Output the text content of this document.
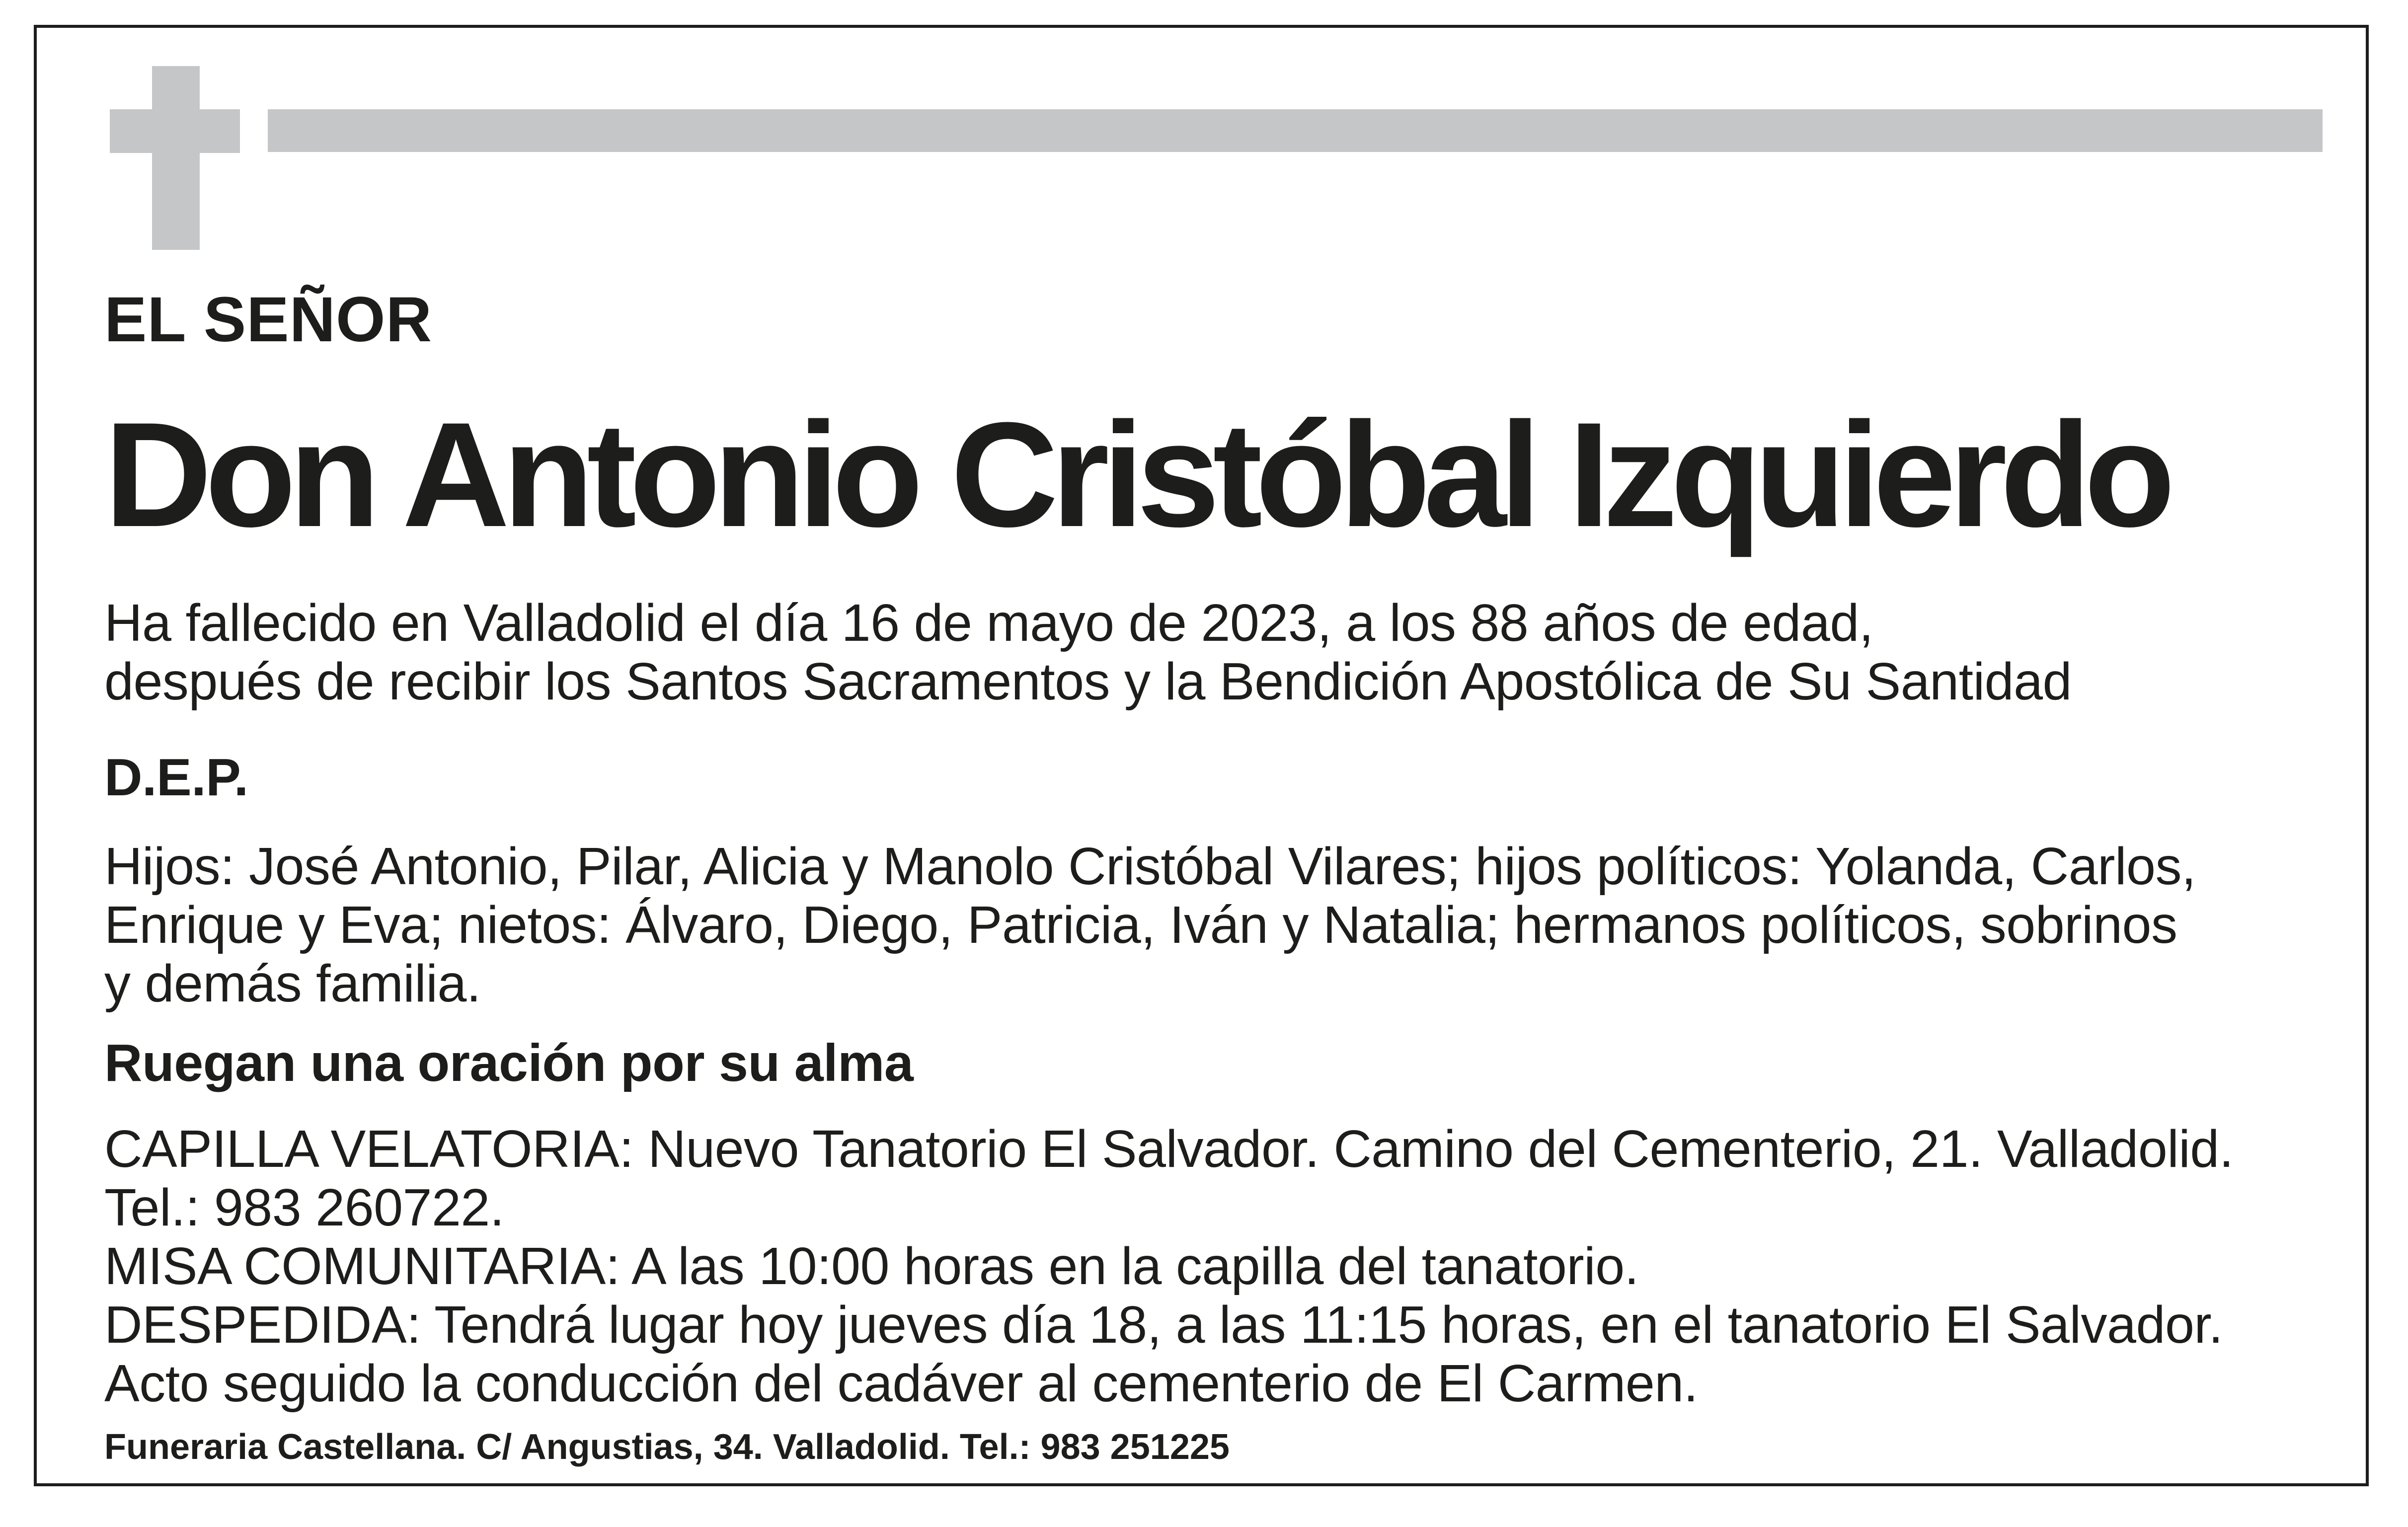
EL SEÑOR
Don Antonio Cristóbal Izquierdo
Ha fallecido en Valladolid el día 16 de mayo de 2023, a los 88 años de edad,
después de recibir los Santos Sacramentos y la Bendición Apostólica de Su Santidad
D.E.P.
Hijos: José Antonio, Pilar, Alicia y Manolo Cristóbal Vilares; hijos políticos: Yolanda, Carlos,
Enrique y Eva; nietos: Álvaro, Diego, Patricia, Iván y Natalia; hermanos políticos, sobrinos
y demás familia.
Ruegan una oración por su alma
CAPILLA VELATORIA: Nuevo Tanatorio El Salvador. Camino del Cementerio, 21. Valladolid.
Tel.: 983 260722.
MISA COMUNITARIA: A las 10:00 horas en la capilla del tanatorio.
DESPEDIDA: Tendrá lugar hoy jueves día 18, a las 11:15 horas, en el tanatorio El Salvador.
Acto seguido la conducción del cadáver al cementerio de El Carmen.
Funeraria Castellana. C/ Angustias, 34. Valladolid. Tel.: 983 251225
